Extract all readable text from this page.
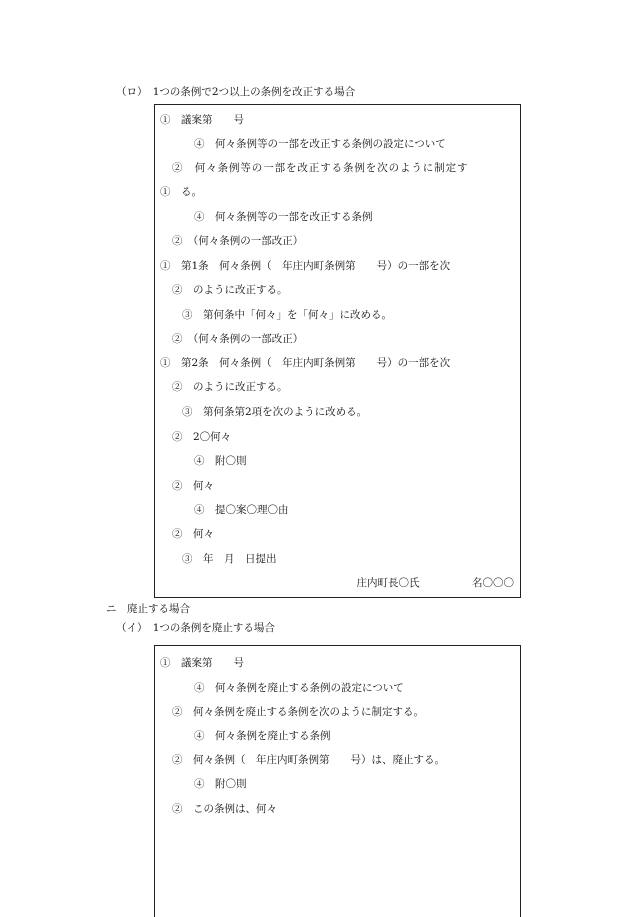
（ロ）　1つの条例で2つ以上の条例を改正する場合
①　議案第　　号
④　何々条例等の一部を改正する条例の設定について
②　何々条例等の一部を改正する条例を次のように制定す
①　る。
④　何々条例等の一部を改正する条例
②　（何々条例の一部改正）
①　第1条　何々条例（　年庄内町条例第　　号）の一部を次
②　のように改正する。
③　第何条中「何々」を「何々」に改める。
②　（何々条例の一部改正）
①　第2条　何々条例（　年庄内町条例第　　号）の一部を次
②　のように改正する。
③　第何条第2項を次のように改める。
②　2〇何々
④　附〇則
②　何々
④　提〇案〇理〇由
②　何々
③　年　月　日提出
庄内町長〇氏　　　　　名〇〇〇
ニ　廃止する場合
（イ）　1つの条例を廃止する場合
①　議案第　　号
④　何々条例を廃止する条例の設定について
②　何々条例を廃止する条例を次のように制定する。
④　何々条例を廃止する条例
②　何々条例（　年庄内町条例第　　号）は、廃止する。
④　附〇則
②　この条例は、何々
